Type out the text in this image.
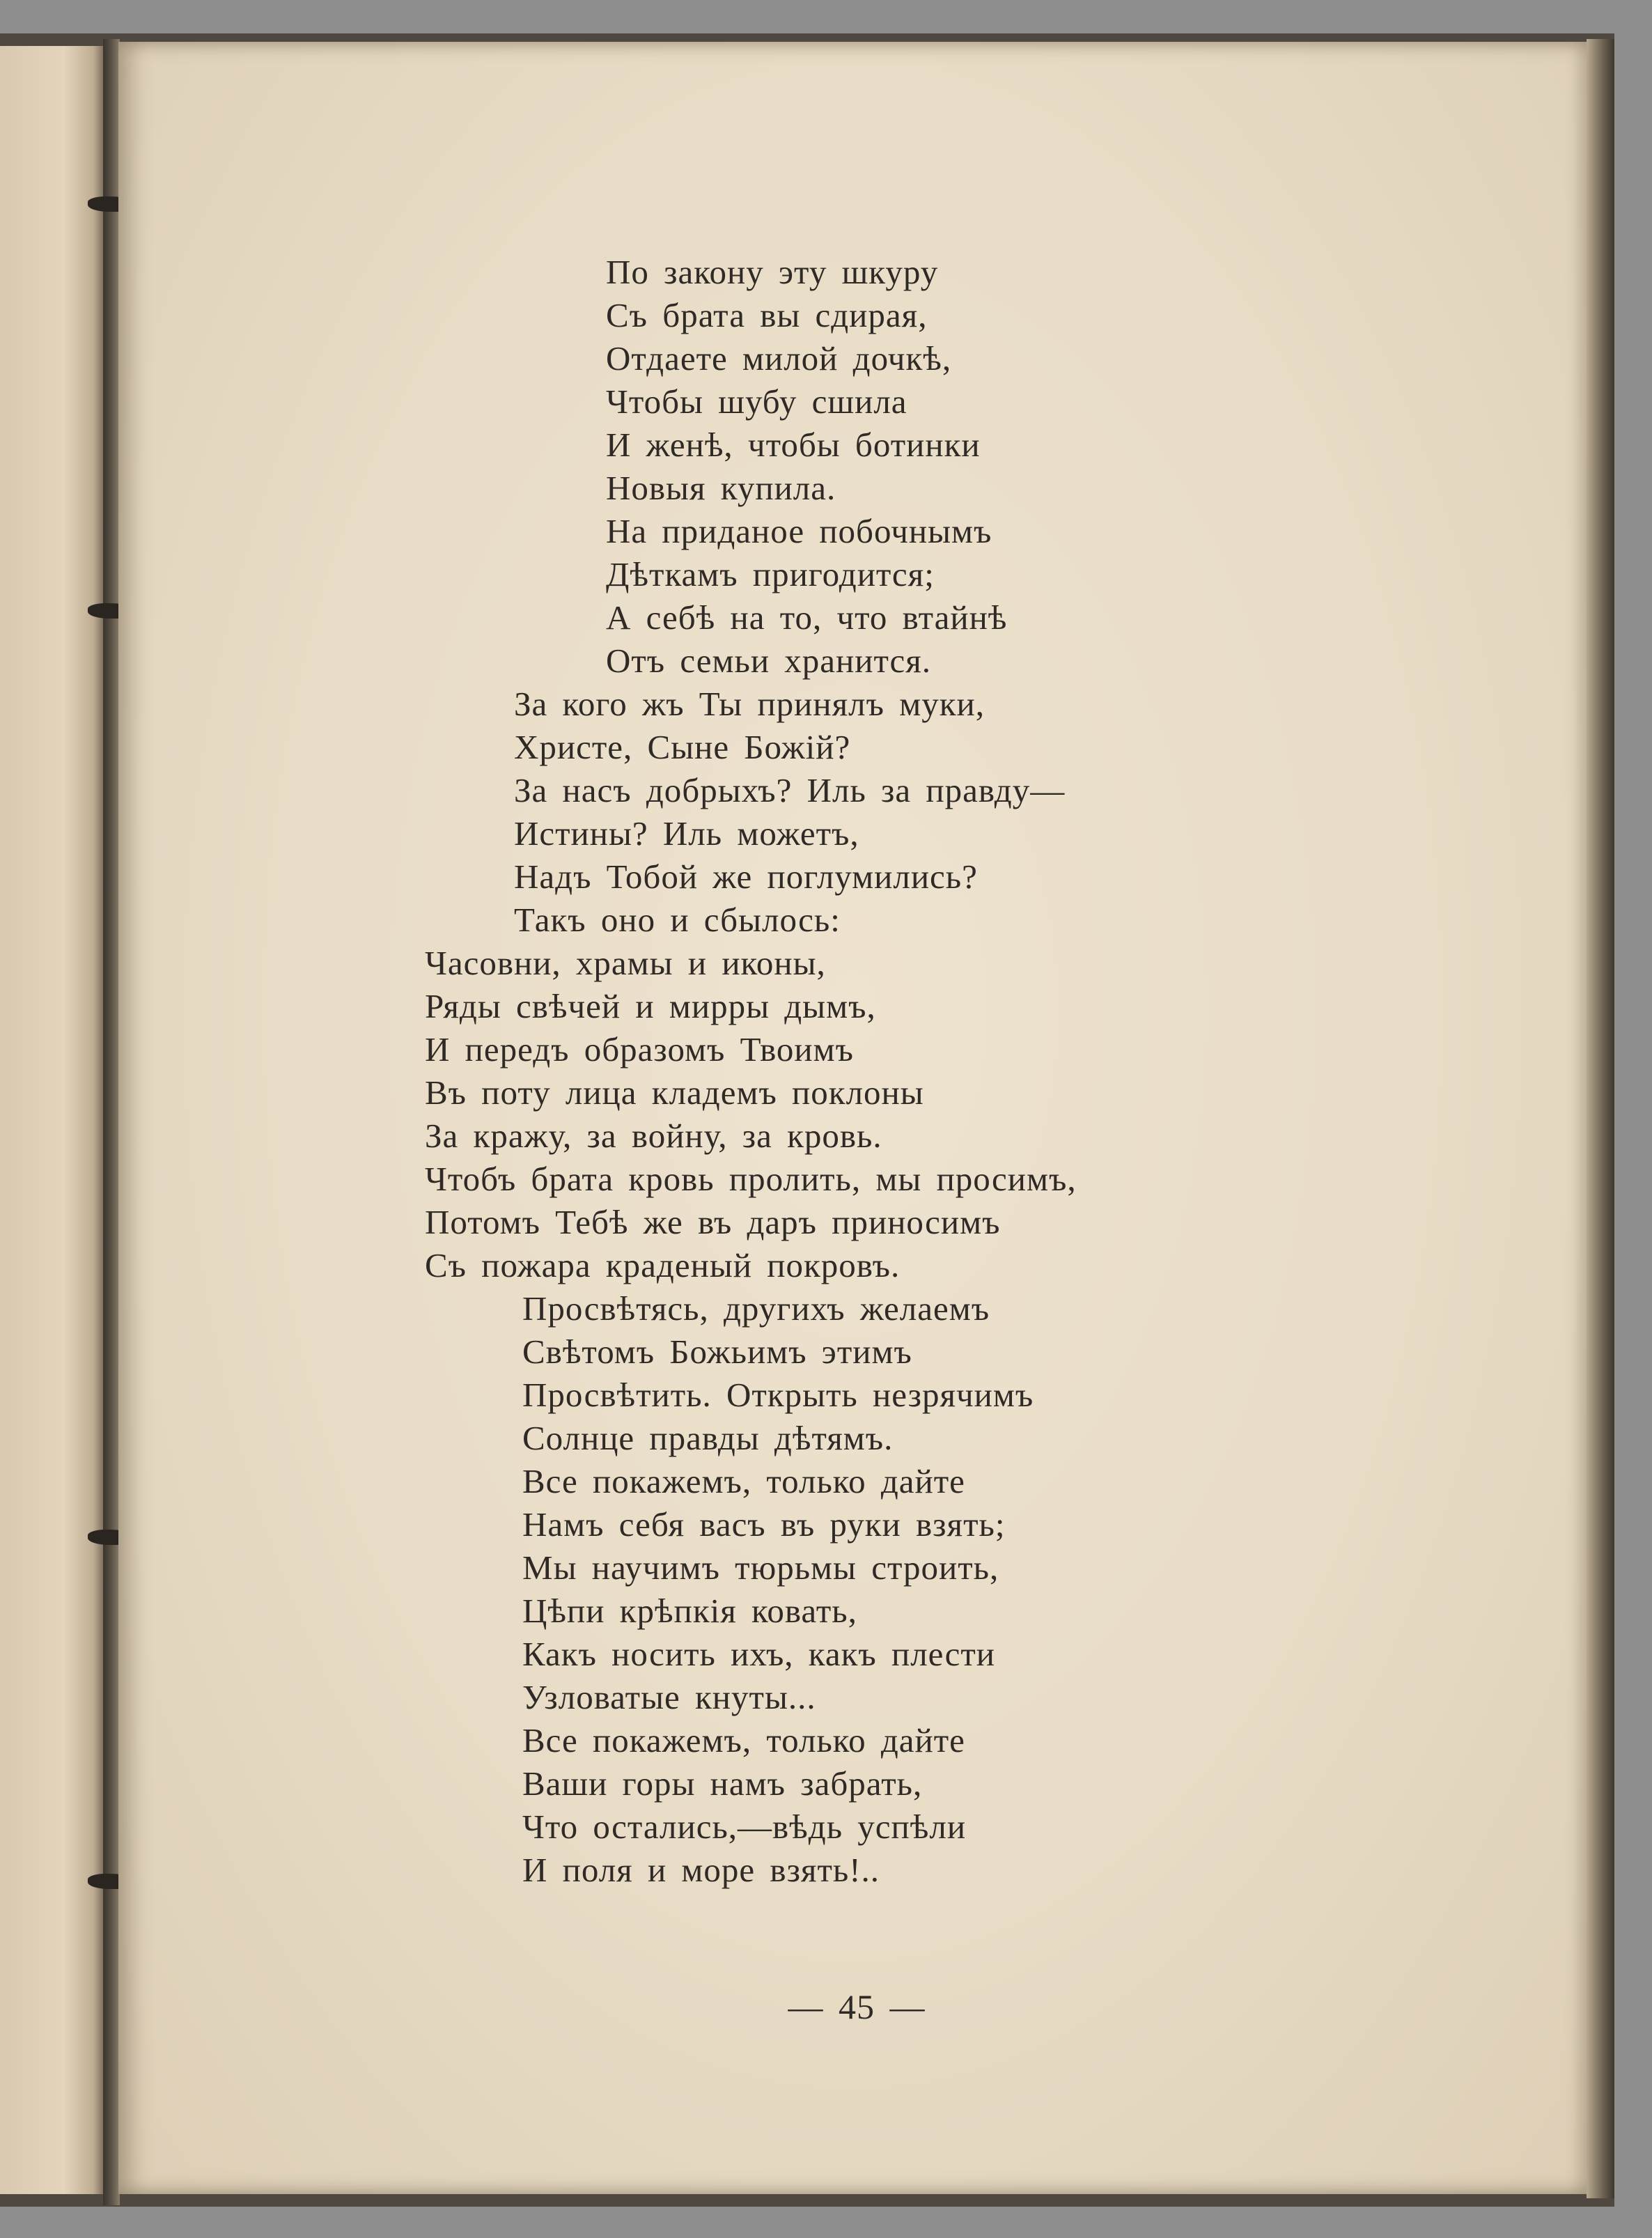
По закону эту шкуру
Съ брата вы сдирая,
Отдаете милой дочкѣ,
Чтобы шубу сшила
И женѣ, чтобы ботинки
Новыя купила.
На приданое побочнымъ
Дѣткамъ пригодится;
А себѣ на то, что втайнѣ
Отъ семьи хранится.
За кого жъ Ты принялъ муки,
Христе, Сыне Божій?
За насъ добрыхъ? Иль за правду—
Истины? Иль можетъ,
Надъ Тобой же поглумились?
Такъ оно и сбылось:
Часовни, храмы и иконы,
Ряды свѣчей и мирры дымъ,
И передъ образомъ Твоимъ
Въ поту лица кладемъ поклоны
За кражу, за войну, за кровь.
Чтобъ брата кровь пролить, мы просимъ,
Потомъ Тебѣ же въ даръ приносимъ
Съ пожара краденый покровъ.
Просвѣтясь, другихъ желаемъ
Свѣтомъ Божьимъ этимъ
Просвѣтить. Открыть незрячимъ
Солнце правды дѣтямъ.
Все покажемъ, только дайте
Намъ себя васъ въ руки взять;
Мы научимъ тюрьмы строить,
Цѣпи крѣпкія ковать,
Какъ носить ихъ, какъ плести
Узловатые кнуты...
Все покажемъ, только дайте
Ваши горы намъ забрать,
Что остались,—вѣдь успѣли
И поля и море взять!..
— 45 —
